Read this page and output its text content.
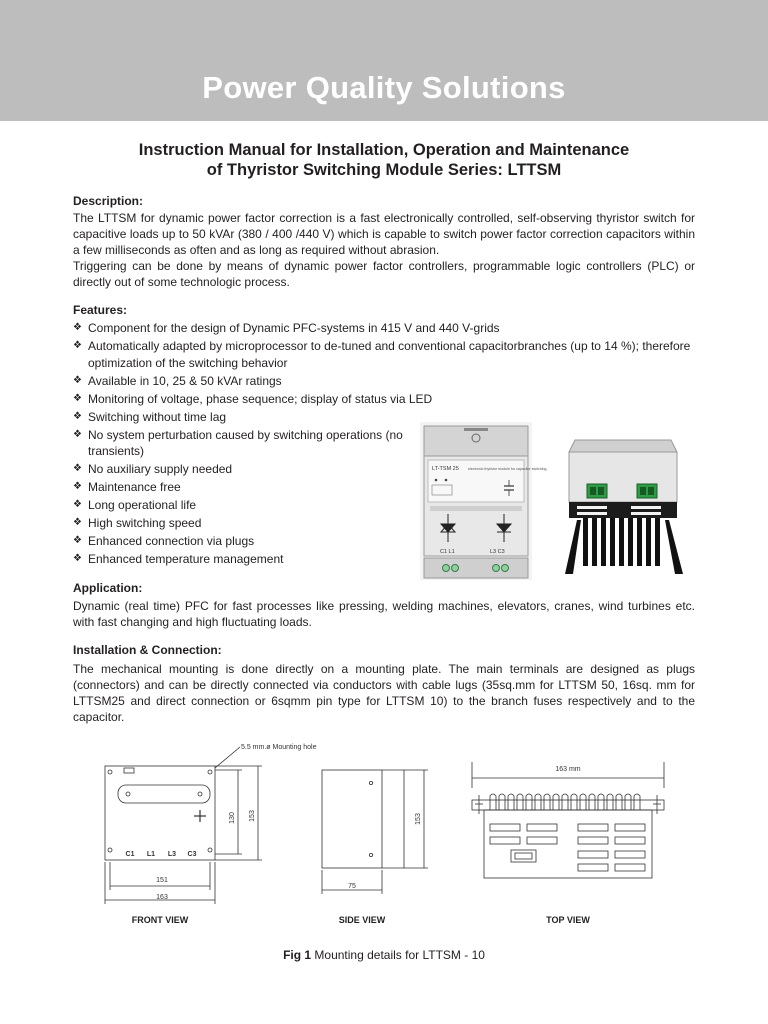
Power Quality Solutions
Instruction Manual for Installation, Operation and Maintenance
of Thyristor Switching Module Series: LTTSM
Description:

The LTTSM for dynamic power factor correction is a fast electronically controlled, self-observing thyristor switch for capacitive loads up to 50 kVAr (380 / 400 /440 V) which is capable to switch power factor correction capacitors within a few milliseconds as often and as long as required without abrasion.

Triggering can be done by means of dynamic power factor controllers, programmable logic controllers (PLC) or directly out of some technologic process.

Features:
❖ Component for the design of Dynamic PFC-systems in 415 V and 440 V-grids
❖ Automatically adapted by microprocessor to de-tuned and conventional capacitorbranches (up to 14 %); therefore optimization of the switching behavior
❖ Available in 10, 25 & 50 kVAr ratings
❖ Monitoring of voltage, phase sequence; display of status via LED
❖ Switching without time lag
❖ No system perturbation caused by switching operations (no transients)
❖ No auxiliary supply needed
❖ Maintenance free
❖ Long operational life
❖ High switching speed
❖ Enhanced connection via plugs
❖ Enhanced temperature management
LT-TSM 25	electronic thyristor module for capacitor switching
C1 L1	L3 C3
Application:
Dynamic (real time) PFC for fast processes like pressing, welding machines, elevators, cranes, wind turbines etc. with fast changing and high fluctuating loads.
Installation & Connection:
The mechanical mounting is done directly on a mounting plate. The main terminals are designed as plugs (connectors) and can be directly connected via conductors with cable lugs (35sq.mm for LTTSM 50, 16sq. mm for LTTSM25 and direct connection or 6sqmm pin type for LTTSM 10) to the branch fuses respectively and to the capacitor.
5.5 mm.ø Mounting hole
130 153
151
163
C1 L1 L3 C3
FRONT VIEW
153
75
SIDE VIEW
163 mm
TOP VIEW
Fig 1 Mounting details for LTTSM - 10
